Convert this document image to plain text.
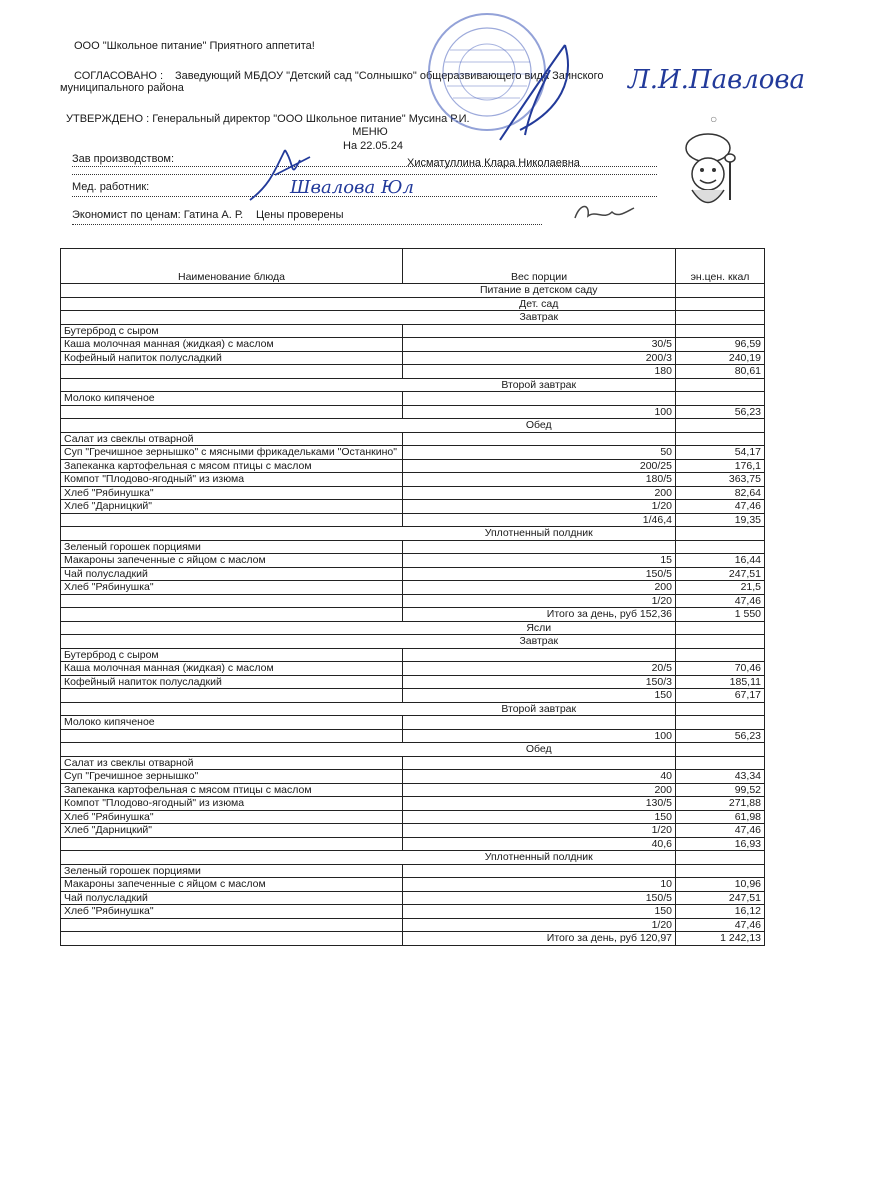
ООО "Школьное питание" Приятного аппетита!
СОГЛАСОВАНО : Заведующий МБДОУ "Детский сад "Солнышко" общеразвивающего вида Заинского
муниципального района
УТВЕРЖДЕНО : Генеральный директор "ООО Школьное питание" Мусина Р.И.
МЕНЮ
На 22.05.24
Зав производством:	Хисматуллина Клара Николаевна
Мед. работник:
Экономист по ценам: Гатина А. Р. Цены проверены
Л.И.Павлова
Швалова Юл
○
Наименование блюда	Вес порции	эн.цен. ккал
	Питание в детском саду	
	Дет. сад	
	Завтрак	
Бутерброд с сыром		
Каша молочная манная (жидкая) с маслом	30/5	96,59
Кофейный напиток полусладкий	200/3	240,19
	180	80,61
	Второй завтрак	
Молоко кипяченое		
	100	56,23
	Обед	
Салат из свеклы отварной		
Суп "Гречишное зернышко" с мясными фрикадельками "Останкино"	50	54,17
Запеканка картофельная с мясом птицы с маслом	200/25	176,1
Компот "Плодово-ягодный" из изюма	180/5	363,75
Хлеб "Рябинушка"	200	82,64
Хлеб "Дарницкий"	1/20	47,46
	1/46,4	19,35
	Уплотненный полдник	
Зеленый горошек порциями		
Макароны запеченные с яйцом с маслом	15	16,44
Чай полусладкий	150/5	247,51
Хлеб "Рябинушка"	200	21,5
	1/20	47,46
	Итого за день, руб 152,36	1 550
	Ясли	
	Завтрак	
Бутерброд с сыром		
Каша молочная манная (жидкая) с маслом	20/5	70,46
Кофейный напиток полусладкий	150/3	185,11
	150	67,17
	Второй завтрак	
Молоко кипяченое		
	100	56,23
	Обед	
Салат из свеклы отварной		
Суп "Гречишное зернышко"	40	43,34
Запеканка картофельная с мясом птицы с маслом	200	99,52
Компот "Плодово-ягодный" из изюма	130/5	271,88
Хлеб "Рябинушка"	150	61,98
Хлеб "Дарницкий"	1/20	47,46
	40,6	16,93
	Уплотненный полдник	
Зеленый горошек порциями		
Макароны запеченные с яйцом с маслом	10	10,96
Чай полусладкий	150/5	247,51
Хлеб "Рябинушка"	150	16,12
	1/20	47,46
	Итого за день, руб 120,97	1 242,13
